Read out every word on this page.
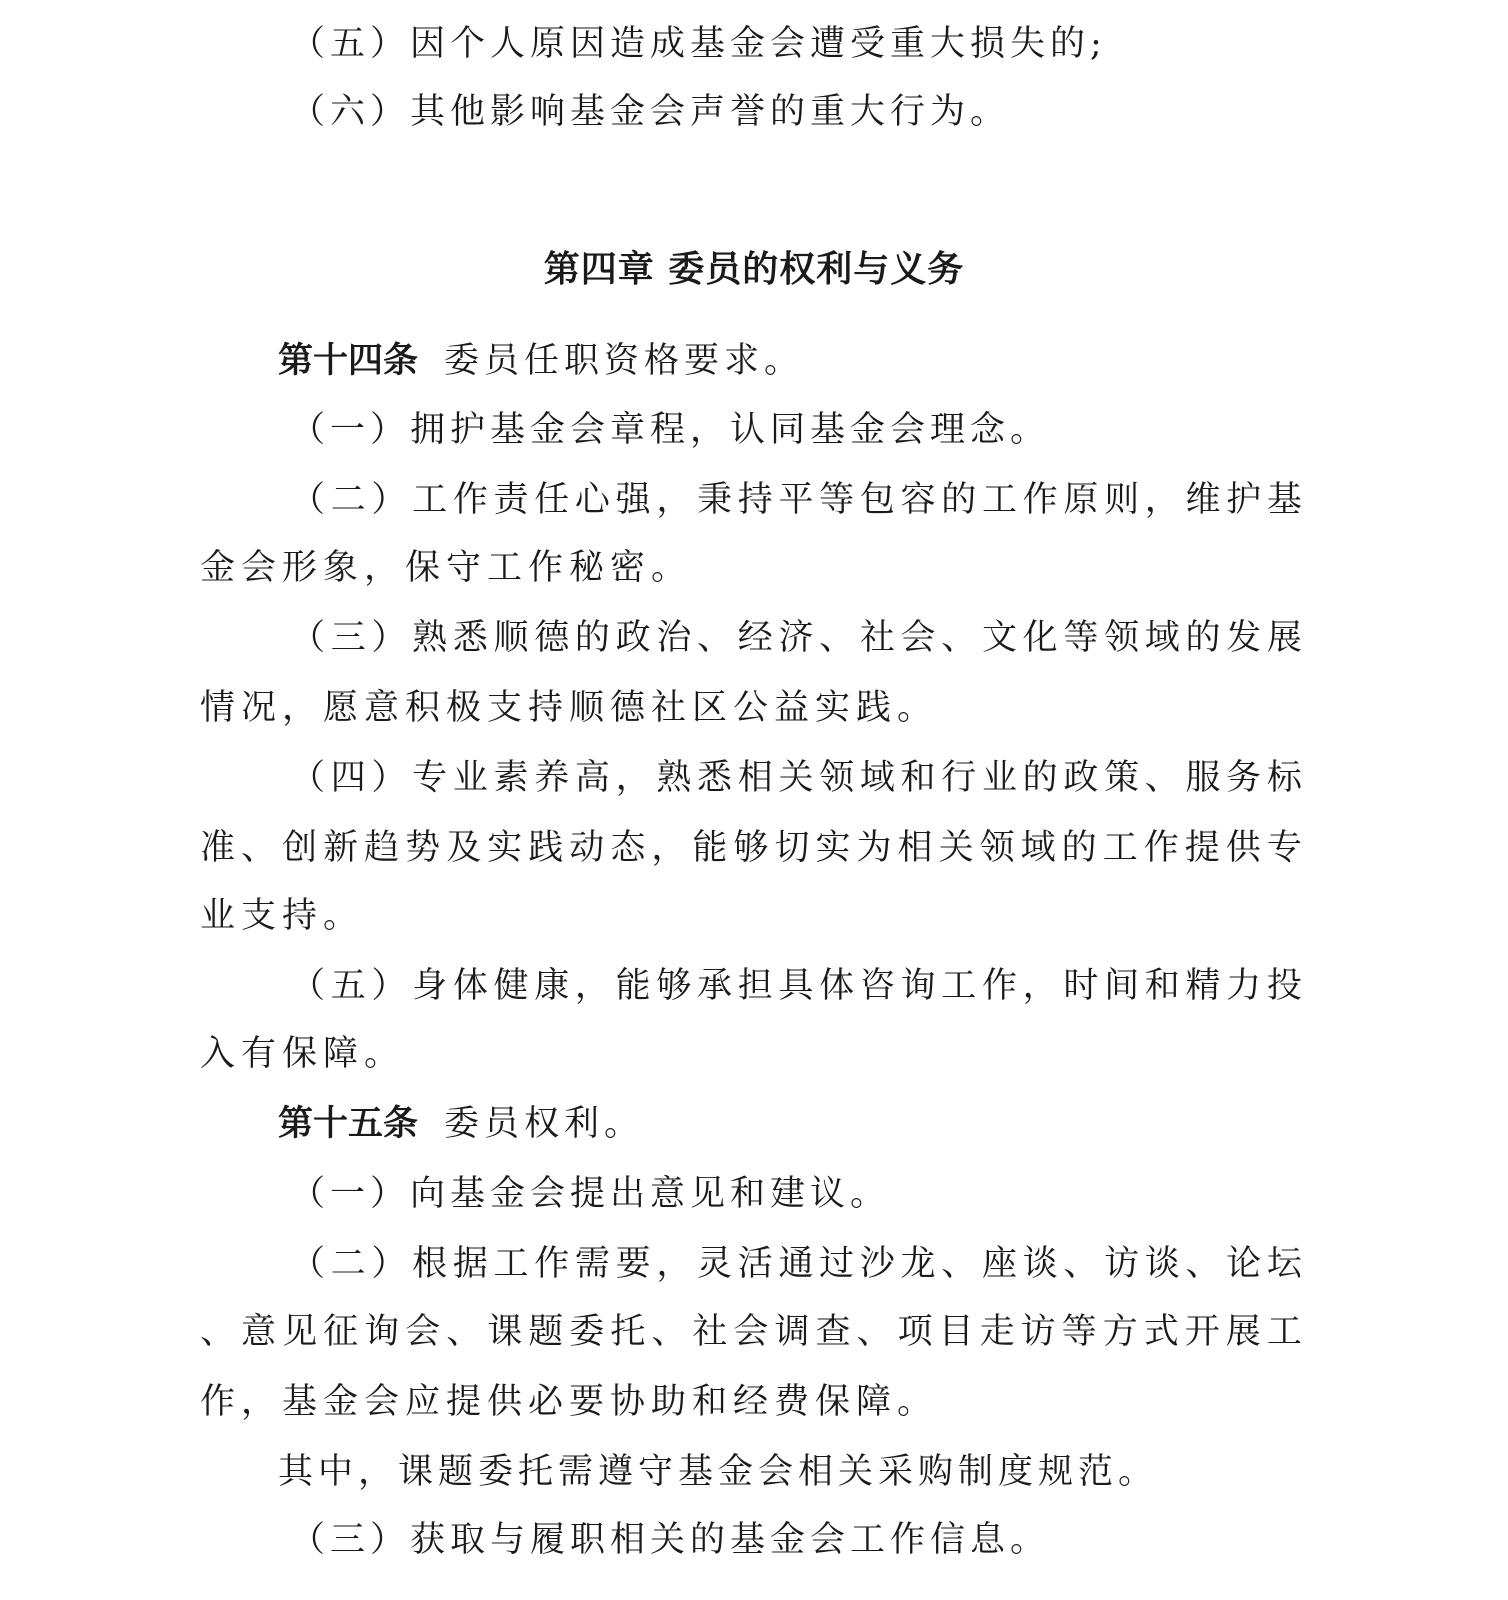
（五）因个人原因造成基金会遭受重大损失的;
（六）其他影响基金会声誉的重大行为。
第四章 委员的权利与义务
第十四条 委员任职资格要求。
（一）拥护基金会章程，认同基金会理念。
（ 二 ） 工 作 责 任 心 强 ， 秉 持 平 等 包 容 的 工 作 原 则 ， 维 护 基
金会形象，保守工作秘密。
（ 三 ） 熟 悉 顺 德 的 政 治 、 经 济 、 社 会 、 文 化 等 领 域 的 发 展
情况，愿意积极支持顺德社区公益实践。
（ 四 ） 专 业 素 养 高 ， 熟 悉 相 关 领 域 和 行 业 的 政 策 、 服 务 标
准 、 创 新 趋 势 及 实 践 动 态 ， 能 够 切 实 为 相 关 领 域 的 工 作 提 供 专
业支持。
（ 五 ） 身 体 健 康 ， 能 够 承 担 具 体 咨 询 工 作 ， 时 间 和 精 力 投
入有保障。
第十五条 委员权利。
（一）向基金会提出意见和建议。
（ 二 ） 根 据 工 作 需 要 ， 灵 活 通 过 沙 龙 、 座 谈 、 访 谈 、 论 坛
、 意 见 征 询 会 、 课 题 委 托 、 社 会 调 查 、 项 目 走 访 等 方 式 开 展 工
作，基金会应提供必要协助和经费保障。
其中，课题委托需遵守基金会相关采购制度规范。
（三）获取与履职相关的基金会工作信息。
